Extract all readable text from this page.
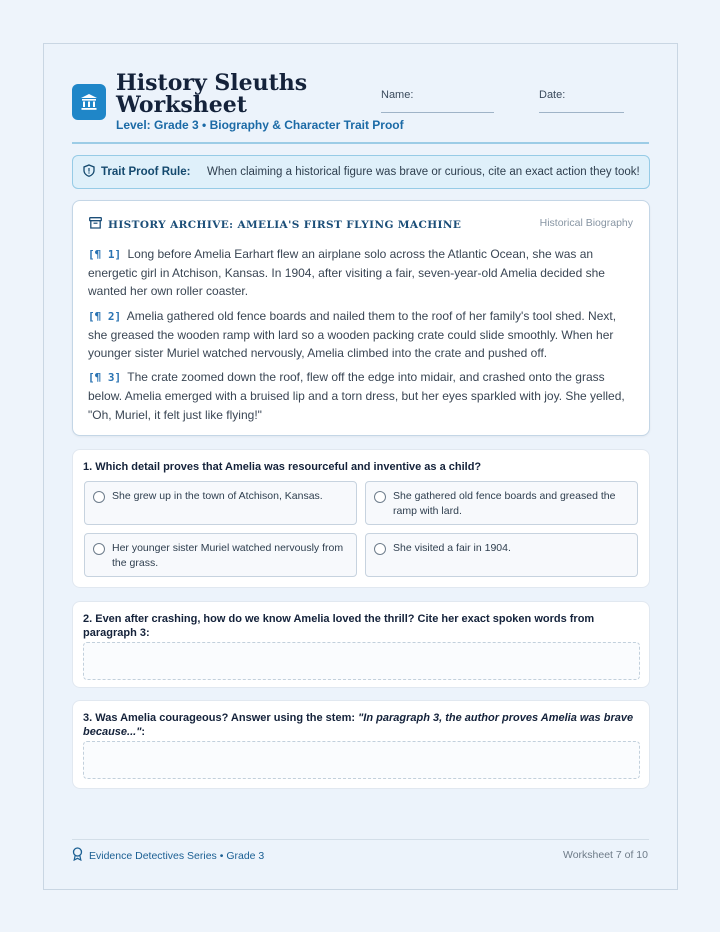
History Sleuths Worksheet
Level: Grade 3 • Biography & Character Trait Proof
Name:	Date:
Trait Proof Rule:	When claiming a historical figure was brave or curious, cite an exact action they took!
HISTORY ARCHIVE: AMELIA'S FIRST FLYING MACHINE	Historical Biography

[¶ 1] Long before Amelia Earhart flew an airplane solo across the Atlantic Ocean, she was an energetic girl in Atchison, Kansas. In 1904, after visiting a fair, seven-year-old Amelia decided she wanted her own roller coaster.

[¶ 2] Amelia gathered old fence boards and nailed them to the roof of her family's tool shed. Next, she greased the wooden ramp with lard so a wooden packing crate could slide smoothly. When her younger sister Muriel watched nervously, Amelia climbed into the crate and pushed off.

[¶ 3] The crate zoomed down the roof, flew off the edge into midair, and crashed onto the grass below. Amelia emerged with a bruised lip and a torn dress, but her eyes sparkled with joy. She yelled, "Oh, Muriel, it felt just like flying!"

1. Which detail proves that Amelia was resourceful and inventive as a child?
She grew up in the town of Atchison, Kansas.	She gathered old fence boards and greased the ramp with lard.
Her younger sister Muriel watched nervously from the grass.
She visited a fair in 1904.
2. Even after crashing, how do we know Amelia loved the thrill? Cite her exact spoken words from paragraph 3:
3. Was Amelia courageous? Answer using the stem: "In paragraph 3, the author proves Amelia was brave because...":
Evidence Detectives Series • Grade 3	Worksheet 7 of 10
